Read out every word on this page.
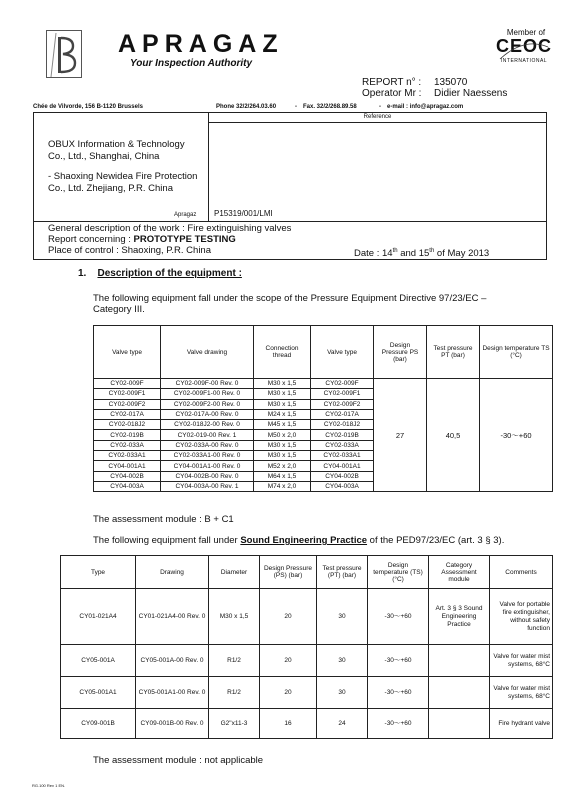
APRAGAZ
Your Inspection Authority
Member of
CEOC
INTERNATIONAL
REPORT n° : 135070
Operator Mr : Didier Naessens
Chée de Vilvorde, 156 B-1120 Brussels	Phone 32/2/264.03.60	- Fax. 32/2/268.89.58	- e-mail : info@apragaz.com
Reference
OBUX Information & Technology
Co., Ltd., Shanghai, China
- Shaoxing Newidea Fire Protection
Co., Ltd. Zhejiang, P.R. China
Apragaz P15319/001/LMI
General description of the work : Fire extinguishing valves
Report concerning : PROTOTYPE TESTING
Place of control : Shaoxing, P.R. China	Date : 14th and 15th of May 2013
1. Description of the equipment :
The following equipment fall under the scope of the Pressure Equipment Directive 97/23/EC –
Category III.
Valve type	Valve drawing	Connection thread	Valve type	Design Pressure PS (bar)	Test pressure PT (bar)	Design temperature TS (°C)
CY02-009F	CY02-009F-00 Rev. 0	M30 x 1,5	CY02-009F	27	40,5	-30～+60
CY02-009F1	CY02-009F1-00 Rev. 0	M30 x 1,5	CY02-009F1			
CY02-009F2	CY02-009F2-00 Rev. 0	M30 x 1,5	CY02-009F2			
CY02-017A	CY02-017A-00 Rev. 0	M24 x 1,5	CY02-017A			
CY02-018J2	CY02-018J2-00 Rev. 0	M45 x 1,5	CY02-018J2			
CY02-019B	CY02-019-00 Rev. 1	M50 x 2,0	CY02-019B			
CY02-033A	CY02-033A-00 Rev. 0	M30 x 1,5	CY02-033A			
CY02-033A1	CY02-033A1-00 Rev. 0	M30 x 1,5	CY02-033A1			
CY04-001A1	CY04-001A1-00 Rev. 0	M52 x 2,0	CY04-001A1			
CY04-002B	CY04-002B-00 Rev. 0	M64 x 1,5	CY04-002B			
CY04-003A	CY04-003A-00 Rev. 1	M74 x 2,0	CY04-003A			
The assessment module : B + C1
The following equipment fall under Sound Engineering Practice of the PED97/23/EC (art. 3 § 3).
Type	Drawing	Diameter	Design Pressure (PS) (bar)	Test pressure (PT) (bar)	Design temperature (TS) (°C)	Category Assessment module	Comments
CY01-021A4	CY01-021A4-00 Rev. 0	M30 x 1,5	20	30	-30～+60	Art. 3 § 3 Sound Engineering Practice	Valve for portable fire extinguisher, without safety function
CY05-001A	CY05-001A-00 Rev. 0	R1/2	20	30	-30～+60		Valve for water mist systems, 68°C
CY05-001A1	CY05-001A1-00 Rev. 0	R1/2	20	30	-30～+60		Valve for water mist systems, 68°C
CY09-001B	CY09-001B-00 Rev. 0	G2"x11-3	16	24	-30～+60		Fire hydrant valve
The assessment module : not applicable
RG.100 Rev 1 EN.
